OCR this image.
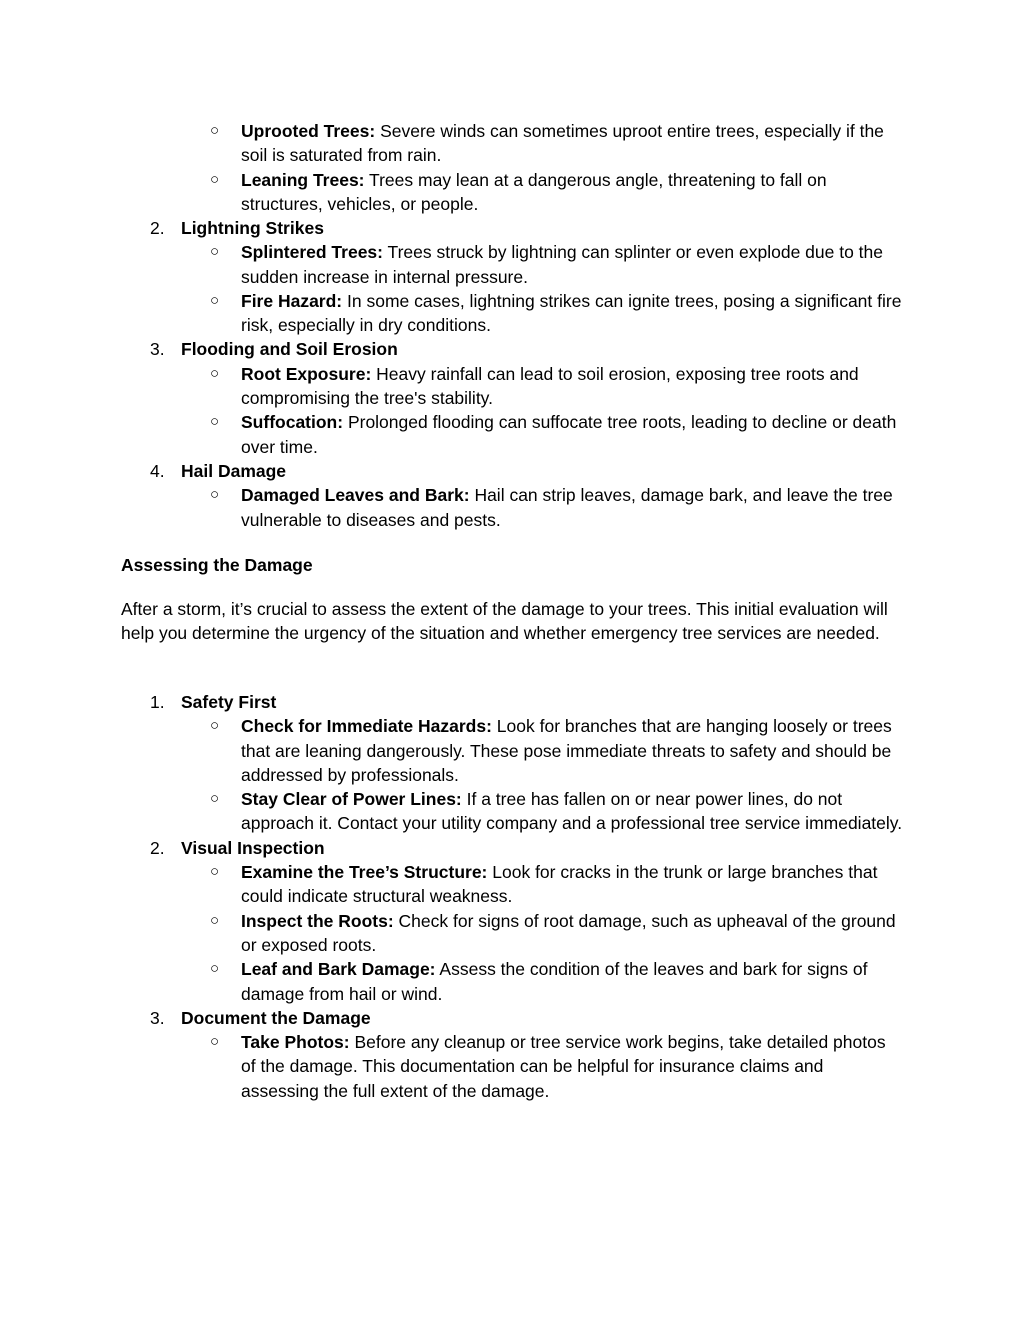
○ Uprooted Trees: Severe winds can sometimes uproot entire trees, especially if the soil is saturated from rain.
○ Leaning Trees: Trees may lean at a dangerous angle, threatening to fall on structures, vehicles, or people.
2. Lightning Strikes
○ Splintered Trees: Trees struck by lightning can splinter or even explode due to the sudden increase in internal pressure.
○ Fire Hazard: In some cases, lightning strikes can ignite trees, posing a significant fire risk, especially in dry conditions.
3. Flooding and Soil Erosion
○ Root Exposure: Heavy rainfall can lead to soil erosion, exposing tree roots and compromising the tree's stability.
○ Suffocation: Prolonged flooding can suffocate tree roots, leading to decline or death over time.
4. Hail Damage
○ Damaged Leaves and Bark: Hail can strip leaves, damage bark, and leave the tree vulnerable to diseases and pests.
Assessing the Damage
After a storm, it’s crucial to assess the extent of the damage to your trees. This initial evaluation will help you determine the urgency of the situation and whether emergency tree services are needed.
1. Safety First
○ Check for Immediate Hazards: Look for branches that are hanging loosely or trees that are leaning dangerously. These pose immediate threats to safety and should be addressed by professionals.
○ Stay Clear of Power Lines: If a tree has fallen on or near power lines, do not approach it. Contact your utility company and a professional tree service immediately.
2. Visual Inspection
○ Examine the Tree’s Structure: Look for cracks in the trunk or large branches that could indicate structural weakness.
○ Inspect the Roots: Check for signs of root damage, such as upheaval of the ground or exposed roots.
○ Leaf and Bark Damage: Assess the condition of the leaves and bark for signs of damage from hail or wind.
3. Document the Damage
○ Take Photos: Before any cleanup or tree service work begins, take detailed photos of the damage. This documentation can be helpful for insurance claims and assessing the full extent of the damage.
